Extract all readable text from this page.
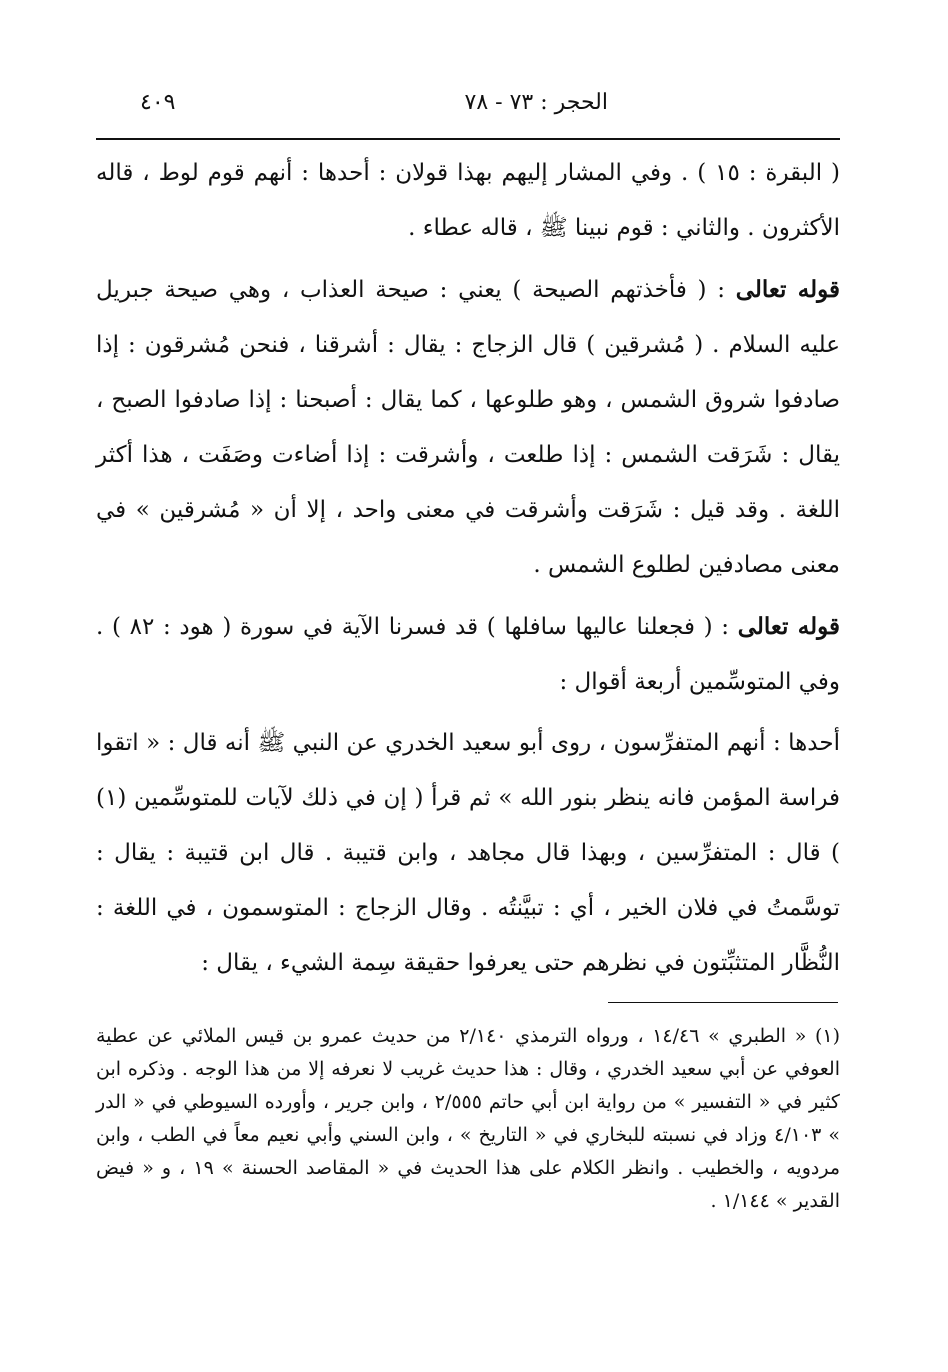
الحجر : ٧٣ - ٧٨
٤٠٩

( البقرة : ١٥ ) . وفي المشار إليهم بهذا قولان : أحدها : أنهم قوم لوط ، قاله الأكثرون . والثاني : قوم نبينا ﷺ ، قاله عطاء .

قوله تعالى : ( فأخذتهم الصيحة ) يعني : صيحة العذاب ، وهي صيحة جبريل عليه السلام . ( مُشرقين ) قال الزجاج : يقال : أشرقنا ، فنحن مُشرقون : إذا صادفوا شروق الشمس ، وهو طلوعها ، كما يقال : أصبحنا : إذا صادفوا الصبح ، يقال : شَرَقت الشمس : إذا طلعت ، وأشرقت : إذا أضاءت وصَفَت ، هذا أكثر اللغة . وقد قيل : شَرَقت وأشرقت في معنى واحد ، إلا أن « مُشرقين » في معنى مصادفين لطلوع الشمس .

قوله تعالى : ( فجعلنا عاليها سافلها ) قد فسرنا الآية في سورة ( هود : ٨٢ ) . وفي المتوسِّمين أربعة أقوال :

أحدها : أنهم المتفرِّسون ، روى أبو سعيد الخدري عن النبي ﷺ أنه قال : « اتقوا فراسة المؤمن فانه ينظر بنور الله » ثم قرأ ( إن في ذلك لآيات للمتوسِّمين (١) ) قال : المتفرِّسين ، وبهذا قال مجاهد ، وابن قتيبة . قال ابن قتيبة : يقال : توسَّمتُ في فلان الخير ، أي : تبيَّنتُه . وقال الزجاج : المتوسمون ، في اللغة : النُّظَّار المتثبِّتون في نظرهم حتى يعرفوا حقيقة سِمة الشيء ، يقال :

(١) « الطبري » ١٤/٤٦ ، ورواه الترمذي ٢/١٤٠ من حديث عمرو بن قيس الملائي عن عطية العوفي عن أبي سعيد الخدري ، وقال : هذا حديث غريب لا نعرفه إلا من هذا الوجه . وذكره ابن كثير في « التفسير » من رواية ابن أبي حاتم ٢/٥٥٥ ، وابن جرير ، وأورده السيوطي في « الدر » ٤/١٠٣ وزاد في نسبته للبخاري في « التاريخ » ، وابن السني وأبي نعيم معاً في الطب ، وابن مردويه ، والخطيب . وانظر الكلام على هذا الحديث في « المقاصد الحسنة » ١٩ ، و « فيض القدير » ١/١٤٤ .
